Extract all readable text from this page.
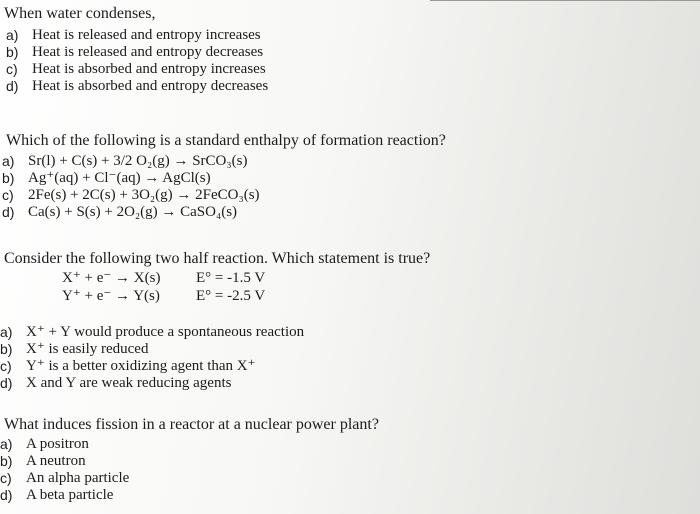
When water condenses,
a) Heat is released and entropy increases
b) Heat is released and entropy decreases
c) Heat is absorbed and entropy increases
d) Heat is absorbed and entropy decreases
Which of the following is a standard enthalpy of formation reaction?
a) Sr(l) + C(s) + 3/2 O₂(g) → SrCO₃(s)
b) Ag⁺(aq) + Cl⁻(aq) → AgCl(s)
c) 2Fe(s) + 2C(s) + 3O₂(g) → 2FeCO₃(s)
d) Ca(s) + S(s) + 2O₂(g) → CaSO₄(s)
Consider the following two half reaction. Which statement is true?
X⁺ + e⁻ → X(s) E° = -1.5 V
Y⁺ + e⁻ → Y(s) E° = -2.5 V
a) X⁺ + Y would produce a spontaneous reaction
b) X⁺ is easily reduced
c) Y⁺ is a better oxidizing agent than X⁺
d) X and Y are weak reducing agents
What induces fission in a reactor at a nuclear power plant?
a) A positron
b) A neutron
c) An alpha particle
d) A beta particle
